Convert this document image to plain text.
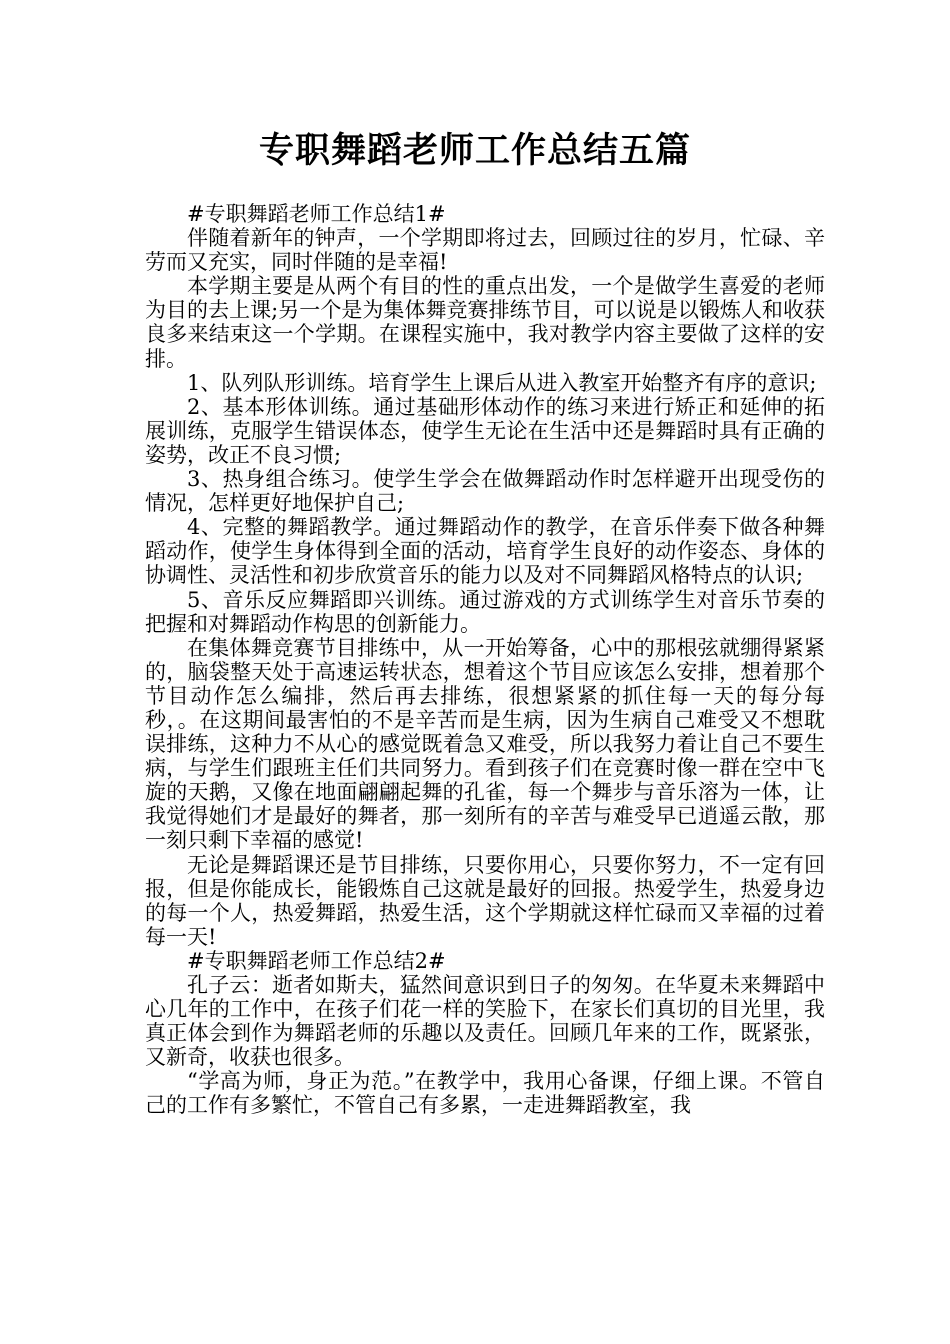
专职舞蹈老师工作总结五篇

#专职舞蹈老师工作总结1#

伴随着新年的钟声，一个学期即将过去，回顾过往的岁月，忙碌、辛劳而又充实，同时伴随的是幸福!

本学期主要是从两个有目的性的重点出发，一个是做学生喜爱的老师为目的去上课;另一个是为集体舞竞赛排练节目，可以说是以锻炼人和收获良多来结束这一个学期。在课程实施中，我对教学内容主要做了这样的安排。

1、队列队形训练。培育学生上课后从进入教室开始整齐有序的意识;

2、基本形体训练。通过基础形体动作的练习来进行矫正和延伸的拓展训练，克服学生错误体态，使学生无论在生活中还是舞蹈时具有正确的姿势，改正不良习惯;

3、热身组合练习。使学生学会在做舞蹈动作时怎样避开出现受伤的情况，怎样更好地保护自己;

4、完整的舞蹈教学。通过舞蹈动作的教学，在音乐伴奏下做各种舞蹈动作，使学生身体得到全面的活动，培育学生良好的动作姿态、身体的协调性、灵活性和初步欣赏音乐的能力以及对不同舞蹈风格特点的认识;

5、音乐反应舞蹈即兴训练。通过游戏的方式训练学生对音乐节奏的把握和对舞蹈动作构思的创新能力。

在集体舞竞赛节目排练中，从一开始筹备，心中的那根弦就绷得紧紧的，脑袋整天处于高速运转状态，想着这个节目应该怎么安排，想着那个节目动作怎么编排，然后再去排练，很想紧紧的抓住每一天的每分每秒，。在这期间最害怕的不是辛苦而是生病，因为生病自己难受又不想耽误排练，这种力不从心的感觉既着急又难受，所以我努力着让自己不要生病，与学生们跟班主任们共同努力。看到孩子们在竞赛时像一群在空中飞旋的天鹅，又像在地面翩翩起舞的孔雀，每一个舞步与音乐溶为一体，让我觉得她们才是最好的舞者，那一刻所有的辛苦与难受早已逍遥云散，那一刻只剩下幸福的感觉!

无论是舞蹈课还是节目排练，只要你用心，只要你努力，不一定有回报，但是你能成长，能锻炼自己这就是最好的回报。热爱学生，热爱身边的每一个人，热爱舞蹈，热爱生活，这个学期就这样忙碌而又幸福的过着每一天!

#专职舞蹈老师工作总结2#

孔子云：逝者如斯夫，猛然间意识到日子的匆匆。在华夏未来舞蹈中心几年的工作中，在孩子们花一样的笑脸下，在家长们真切的目光里，我真正体会到作为舞蹈老师的乐趣以及责任。回顾几年来的工作，既紧张，又新奇，收获也很多。

“学高为师，身正为范。”在教学中，我用心备课，仔细上课。不管自己的工作有多繁忙，不管自己有多累，一走进舞蹈教室，我
